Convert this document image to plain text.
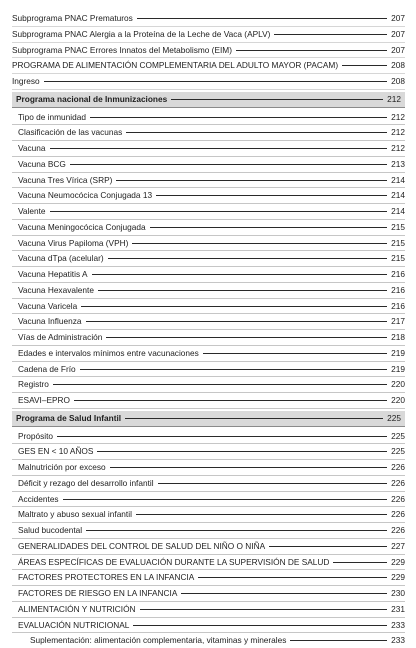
Subprograma PNAC Prematuros	207
Subprograma PNAC Alergia a la Proteína de la Leche de Vaca (APLV)	207
Subprograma PNAC Errores Innatos del Metabolismo (EIM)	207
PROGRAMA DE ALIMENTACIÓN COMPLEMENTARIA DEL ADULTO MAYOR (PACAM)	208
Ingreso	208
Programa nacional de Inmunizaciones	212
Tipo de inmunidad	212
Clasificación de las vacunas	212
Vacuna	212
Vacuna BCG	213
Vacuna Tres Vírica (SRP)	214
Vacuna Neumocócica Conjugada 13	214
Valente	214
Vacuna Meningocócica Conjugada	215
Vacuna Virus Papiloma (VPH)	215
Vacuna dTpa (acelular)	215
Vacuna Hepatitis A	216
Vacuna Hexavalente	216
Vacuna Varicela	216
Vacuna Influenza	217
Vías de Administración	218
Edades e intervalos mínimos entre vacunaciones	219
Cadena de Frío	219
Registro	220
ESAVI–EPRO	220
Programa de Salud Infantil	225
Propósito	225
GES EN < 10 AÑOS	225
Malnutrición por exceso	226
Déficit y rezago del desarrollo infantil	226
Accidentes	226
Maltrato y abuso sexual infantil	226
Salud bucodental	226
GENERALIDADES DEL CONTROL DE SALUD DEL NIÑO O NIÑA	227
ÁREAS ESPECÍFICAS DE EVALUACIÓN DURANTE LA SUPERVISIÓN DE SALUD	229
FACTORES PROTECTORES EN LA INFANCIA	229
FACTORES DE RIESGO EN LA INFANCIA	230
ALIMENTACIÓN Y NUTRICIÓN	231
EVALUACIÓN NUTRICIONAL	233
Suplementación: alimentación complementaria, vitaminas y minerales	233
